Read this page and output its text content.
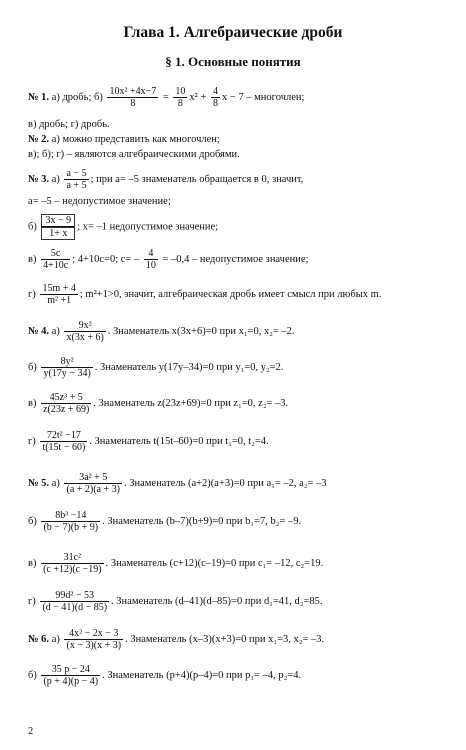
Глава 1. Алгебраические дроби
§ 1. Основные понятия
№ 1. а) дробь; $б) \frac{\text{10x² +4x−7}}{8} = \frac{10}{8} x^2 + \frac{4}{8}$ x − 7 – многочлен;
в) дробь; г) дробь.
№ 2. а) можно представить как многочлен;
в); б); г) – являются алгебраическими дробями.
№ 3. $а) \frac{a - 5}{a + 5}$ ; при a= –5 знаменатель обращается в 0, значит,
a= –5 – недопустимое значение;
$б) \frac{3x - 9}{1+ x}$ ; x= –1 недопустимое значение;
$в) \frac{5c}{4+10c}$ ; 4+10c=0; $c= - \frac{4}{10} = -0,4$ – недопустимое значение;
$г) \frac{15m + 4}{\text{m² +1}}$ ; m²+1>0, значит, алгебраическая дробь имеет смысл при любых m.
№ 4. $а) \frac{\text{9x²}}{x(3x + 6)}$ . Знаменатель x(3x+6)=0 при x₁=0, x₂= –2.
$б) \frac{\text{8y²}}{y(17y - 34)}$ . Знаменатель y(17y–34)=0 при y₁=0, y₂=2.
$в) \frac{\text{45z³ + 5}}{z(23z + 69)}$ . Знаменатель z(23z+69)=0 при z₁=0, z₂= –3.
$г) \frac{\text{72t² −17}}{t(15t - 60)}$ . Знаменатель t(15t–60)=0 при t₁=0, t₂=4.
№ 5. $а) \frac{\text{3a² + 5}}{(a + 2)(a + 3)}$ . Знаменатель (a+2)(a+3)=0 при a₁= –2, a₂= –3
$б) \frac{\text{8b³ −14}}{(b - 7)(b + 9)}$ . Знаменатель (b–7)(b+9)=0 при b₁=7, b₂= –9.
$в) \frac{\text{31c²}}{(c +12)(c -19)}$ . Знаменатель (c+12)(c–19)=0 при c₁= –12, c₂=19.
$г) \frac{\text{99d² − 53}}{(d - 41)(d - 85)}$ . Знаменатель (d–41)(d–85)=0 при d₁=41, d₂=85.
№ 6. $а) \frac{\text{4x² − 2x − 3}}{(x - 3)(x + 3)}$ . Знаменатель (x–3)(x+3)=0 при x₁=3, x₂= –3.
$б) \frac{35 p - 24}{(p + 4)(p - 4)}$ . Знаменатель (p+4)(p–4)=0 при p₁= –4, p₂=4.
2
